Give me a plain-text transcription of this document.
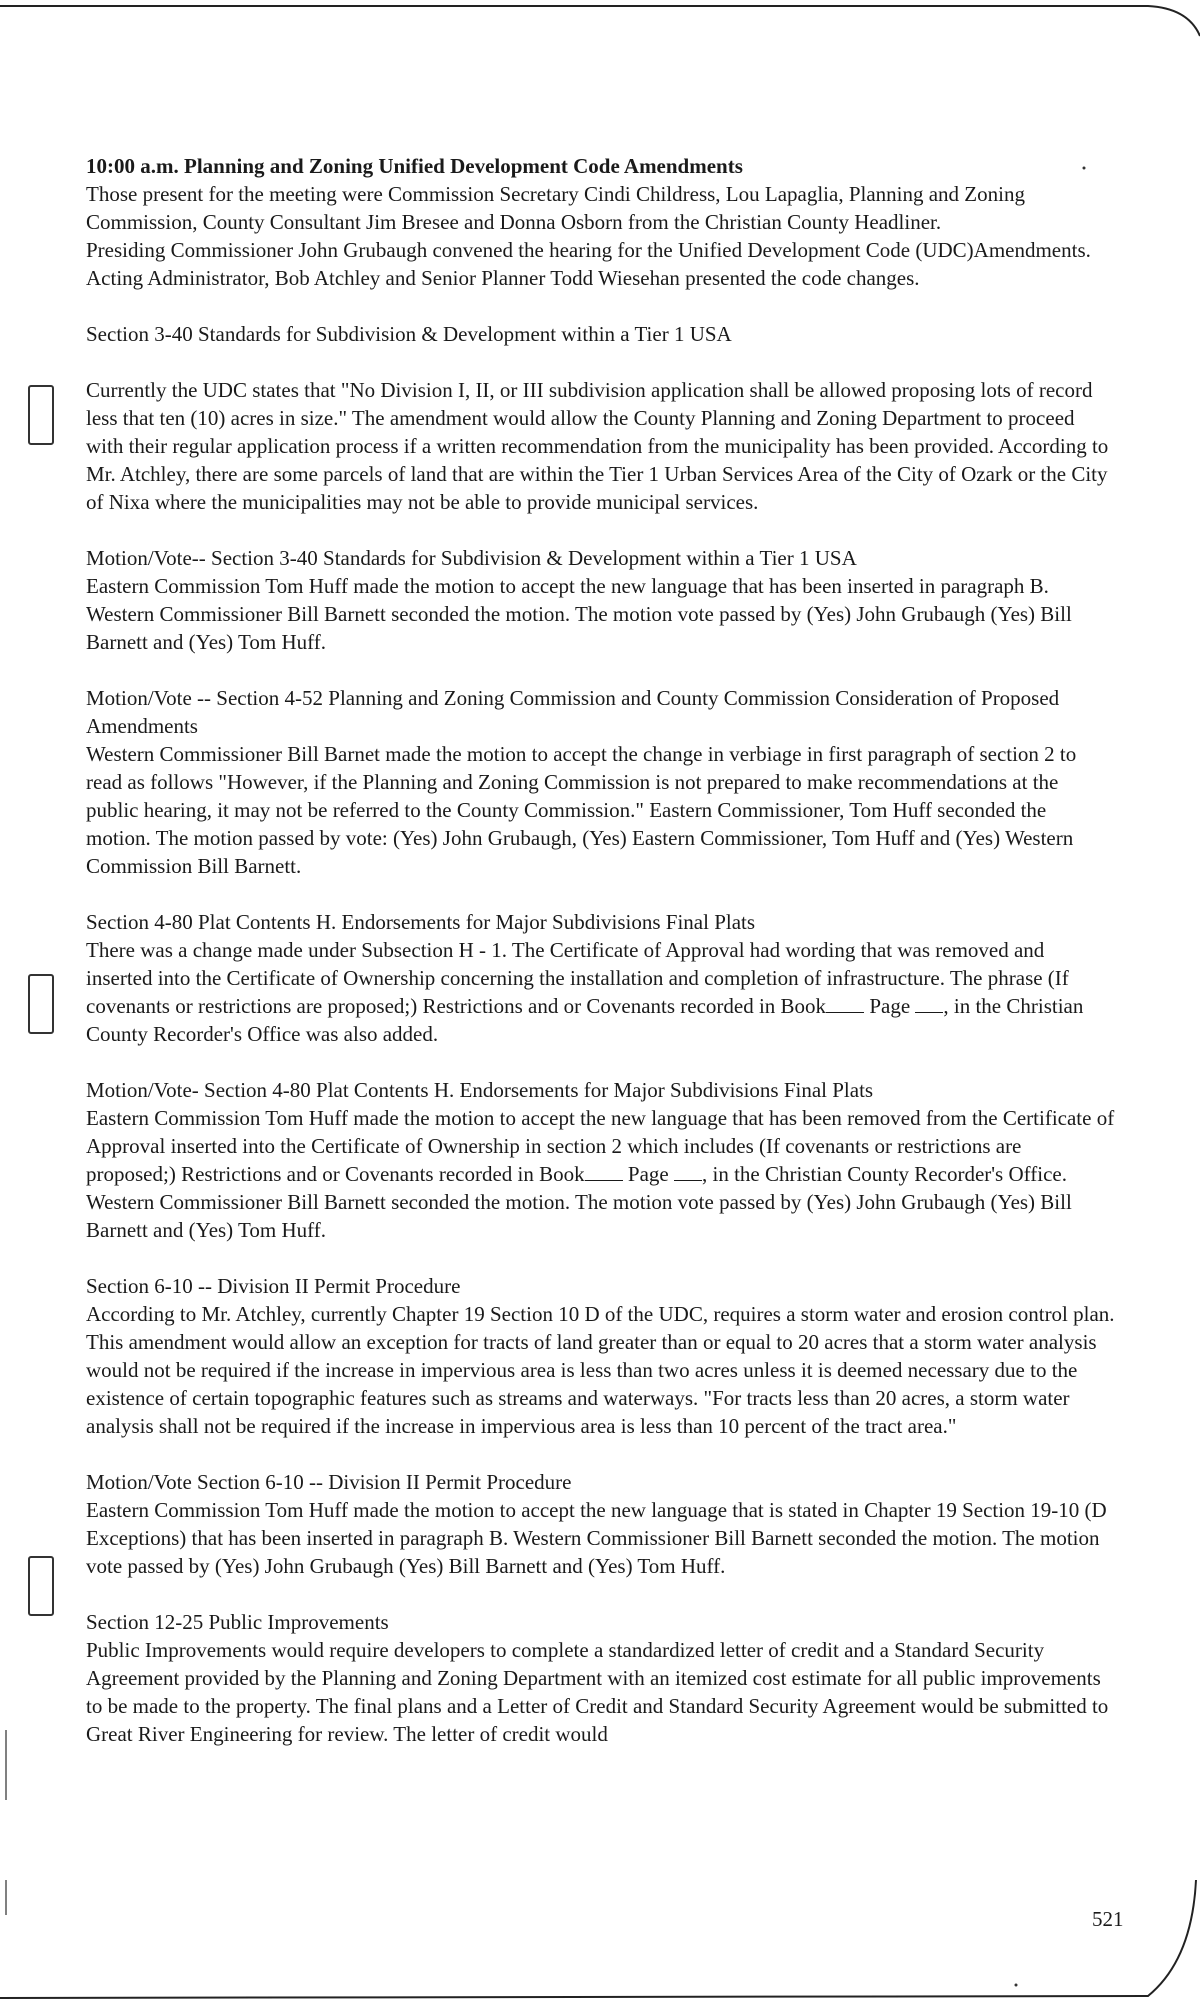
10:00 a.m. Planning and Zoning Unified Development Code Amendments

Those present for the meeting were Commission Secretary Cindi Childress, Lou Lapaglia, Planning and Zoning Commission, County Consultant Jim Bresee and Donna Osborn from the Christian County Headliner.

Presiding Commissioner John Grubaugh convened the hearing for the Unified Development Code (UDC)Amendments. Acting Administrator, Bob Atchley and Senior Planner Todd Wiesehan presented the code changes.

Section 3-40 Standards for Subdivision & Development within a Tier 1 USA

Currently the UDC states that "No Division I, II, or III subdivision application shall be allowed proposing lots of record less that ten (10) acres in size." The amendment would allow the County Planning and Zoning Department to proceed with their regular application process if a written recommendation from the municipality has been provided. According to Mr. Atchley, there are some parcels of land that are within the Tier 1 Urban Services Area of the City of Ozark or the City of Nixa where the municipalities may not be able to provide municipal services.

Motion/Vote-- Section 3-40 Standards for Subdivision & Development within a Tier 1 USA

Eastern Commission Tom Huff made the motion to accept the new language that has been inserted in paragraph B. Western Commissioner Bill Barnett seconded the motion. The motion vote passed by (Yes) John Grubaugh (Yes) Bill Barnett and (Yes) Tom Huff.

Motion/Vote -- Section 4-52 Planning and Zoning Commission and County Commission Consideration of Proposed Amendments

Western Commissioner Bill Barnet made the motion to accept the change in verbiage in first paragraph of section 2 to read as follows "However, if the Planning and Zoning Commission is not prepared to make recommendations at the public hearing, it may not be referred to the County Commission." Eastern Commissioner, Tom Huff seconded the motion. The motion passed by vote: (Yes) John Grubaugh, (Yes) Eastern Commissioner, Tom Huff and (Yes) Western Commission Bill Barnett.

Section 4-80 Plat Contents H. Endorsements for Major Subdivisions Final Plats

There was a change made under Subsection H - 1. The Certificate of Approval had wording that was removed and inserted into the Certificate of Ownership concerning the installation and completion of infrastructure. The phrase (If covenants or restrictions are proposed;) Restrictions and or Covenants recorded in Book Page , in the Christian County Recorder's Office was also added.

Motion/Vote- Section 4-80 Plat Contents H. Endorsements for Major Subdivisions Final Plats

Eastern Commission Tom Huff made the motion to accept the new language that has been removed from the Certificate of Approval inserted into the Certificate of Ownership in section 2 which includes (If covenants or restrictions are proposed;) Restrictions and or Covenants recorded in Book Page , in the Christian County Recorder's Office. Western Commissioner Bill Barnett seconded the motion. The motion vote passed by (Yes) John Grubaugh (Yes) Bill Barnett and (Yes) Tom Huff.

Section 6-10 -- Division II Permit Procedure

According to Mr. Atchley, currently Chapter 19 Section 10 D of the UDC, requires a storm water and erosion control plan. This amendment would allow an exception for tracts of land greater than or equal to 20 acres that a storm water analysis would not be required if the increase in impervious area is less than two acres unless it is deemed necessary due to the existence of certain topographic features such as streams and waterways. "For tracts less than 20 acres, a storm water analysis shall not be required if the increase in impervious area is less than 10 percent of the tract area."

Motion/Vote Section 6-10 -- Division II Permit Procedure

Eastern Commission Tom Huff made the motion to accept the new language that is stated in Chapter 19 Section 19-10 (D Exceptions) that has been inserted in paragraph B. Western Commissioner Bill Barnett seconded the motion. The motion vote passed by (Yes) John Grubaugh (Yes) Bill Barnett and (Yes) Tom Huff.

Section 12-25 Public Improvements

Public Improvements would require developers to complete a standardized letter of credit and a Standard Security Agreement provided by the Planning and Zoning Department with an itemized cost estimate for all public improvements to be made to the property. The final plans and a Letter of Credit and Standard Security Agreement would be submitted to Great River Engineering for review. The letter of credit would

521
